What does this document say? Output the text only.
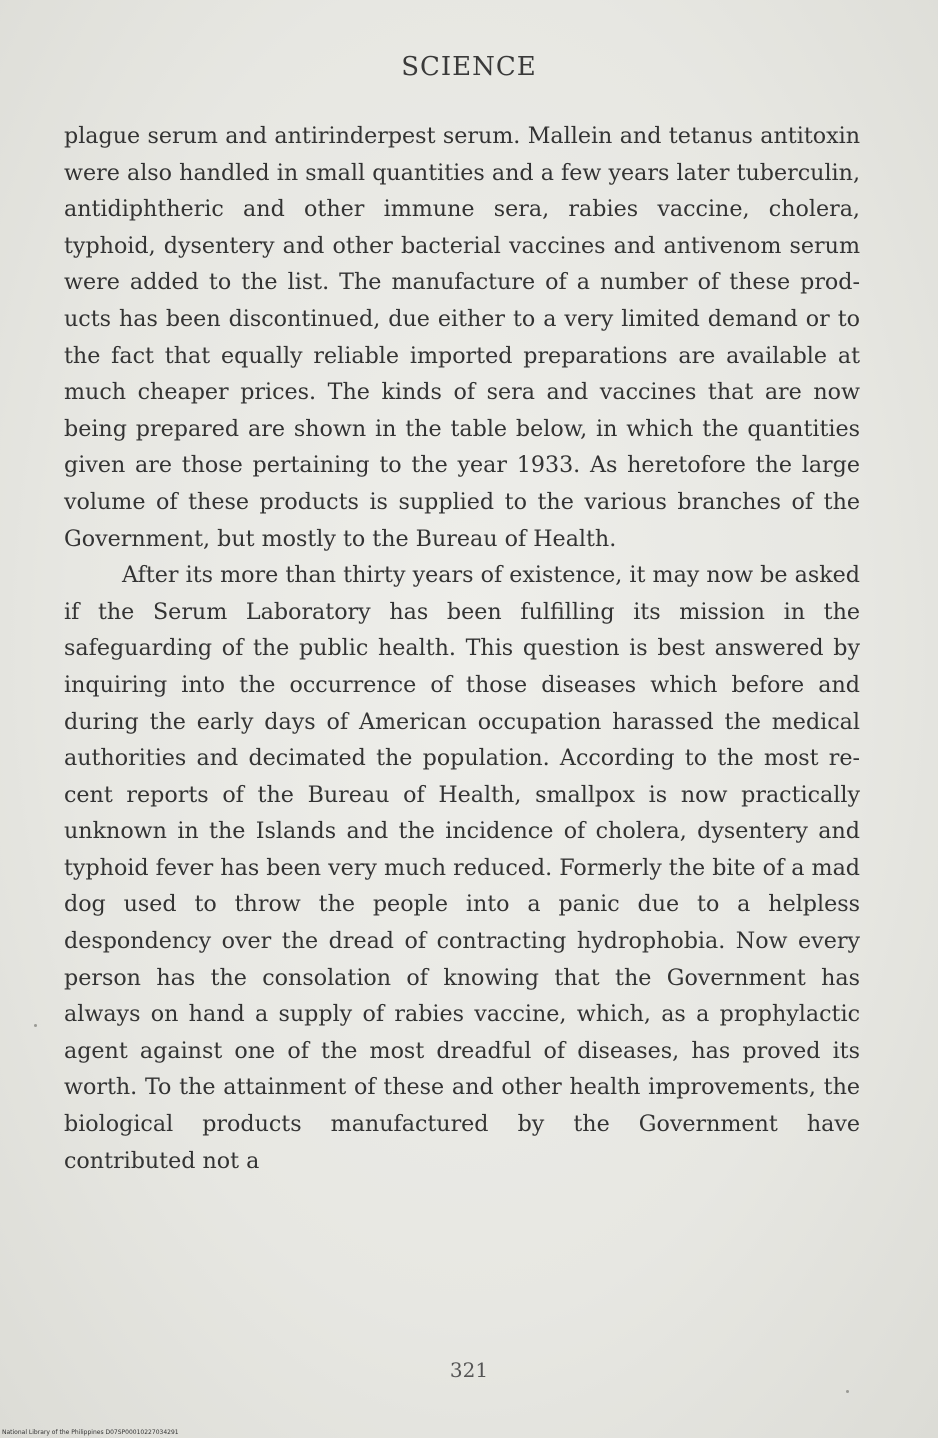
SCIENCE

plague serum and antirinderpest serum. Mallein and tetanus antitoxin were also handled in small quantities and a few years later tuberculin, antidiphtheric and other immune sera, rabies vaccine, cholera, typhoid, dysentery and other bacterial vaccines and antivenom serum were added to the list. The manufacture of a number of these products has been discontinued, due either to a very limited demand or to the fact that equally reliable imported preparations are available at much cheaper prices. The kinds of sera and vaccines that are now being prepared are shown in the table below, in which the quantities given are those pertaining to the year 1933. As heretofore the large volume of these products is supplied to the various branches of the Government, but mostly to the Bureau of Health.

After its more than thirty years of existence, it may now be asked if the Serum Laboratory has been fulfilling its mission in the safeguarding of the public health. This question is best answered by inquiring into the occurrence of those diseases which before and during the early days of American occupation harassed the medical authorities and decimated the population. According to the most recent reports of the Bureau of Health, smallpox is now practically unknown in the Islands and the incidence of cholera, dysentery and typhoid fever has been very much reduced. Formerly the bite of a mad dog used to throw the people into a panic due to a helpless despondency over the dread of contracting hydrophobia. Now every person has the consolation of knowing that the Government has always on hand a supply of rabies vaccine, which, as a prophylactic agent against one of the most dreadful of diseases, has proved its worth. To the attainment of these and other health improvements, the biological products manufactured by the Government have contributed not a

321
National Library of the Philippines D07SP00010227034291
